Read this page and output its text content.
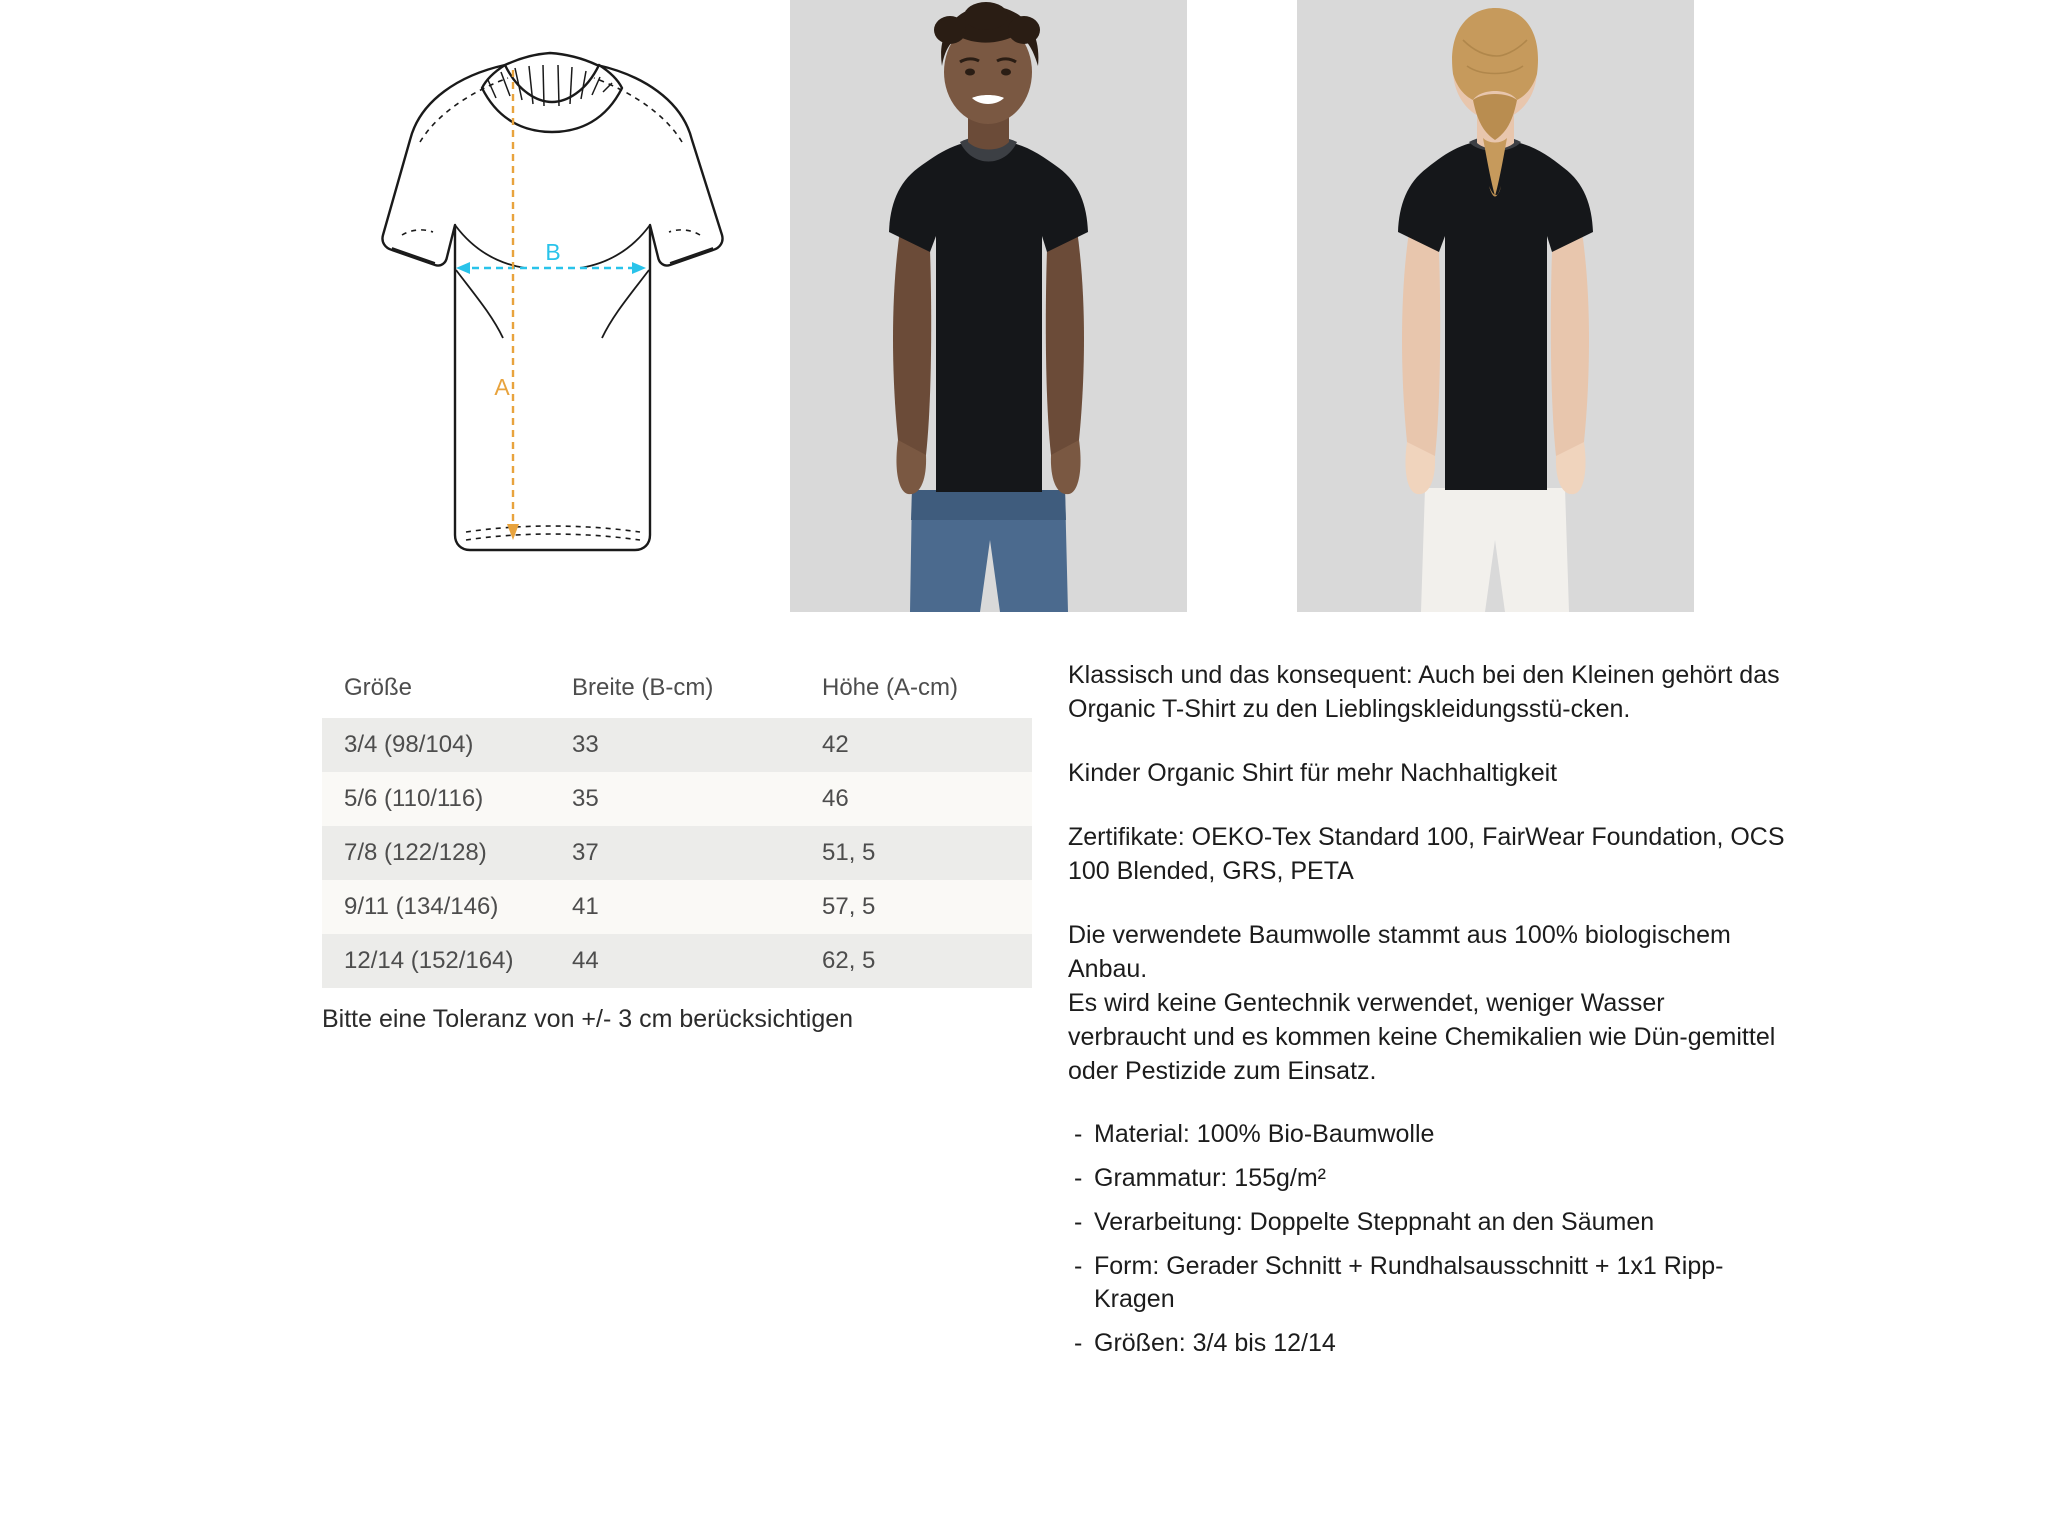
B
A
Größe	Breite (B-cm)	Höhe (A-cm)
3/4 (98/104)	33	42
5/6 (110/116)	35	46
7/8 (122/128)	37	51, 5
9/11 (134/146)	41	57, 5
12/14 (152/164)	44	62, 5
Bitte eine Toleranz von +/- 3 cm berücksichtigen

Klassisch und das konsequent: Auch bei den Kleinen gehört das Organic T-Shirt zu den Lieblingskleidungsstü-cken.

Kinder Organic Shirt für mehr Nachhaltigkeit

Zertifikate: OEKO-Tex Standard 100, FairWear Foundation, OCS 100 Blended, GRS, PETA

Die verwendete Baumwolle stammt aus 100% biologischem Anbau.

Es wird keine Gentechnik verwendet, weniger Wasser verbraucht und es kommen keine Chemikalien wie Dün-gemittel oder Pestizide zum Einsatz.

- Material: 100% Bio-Baumwolle
- Grammatur: 155g/m²
- Verarbeitung: Doppelte Steppnaht an den Säumen
- Form: Gerader Schnitt + Rundhalsausschnitt + 1x1 Ripp-Kragen
- Größen: 3/4 bis 12/14
